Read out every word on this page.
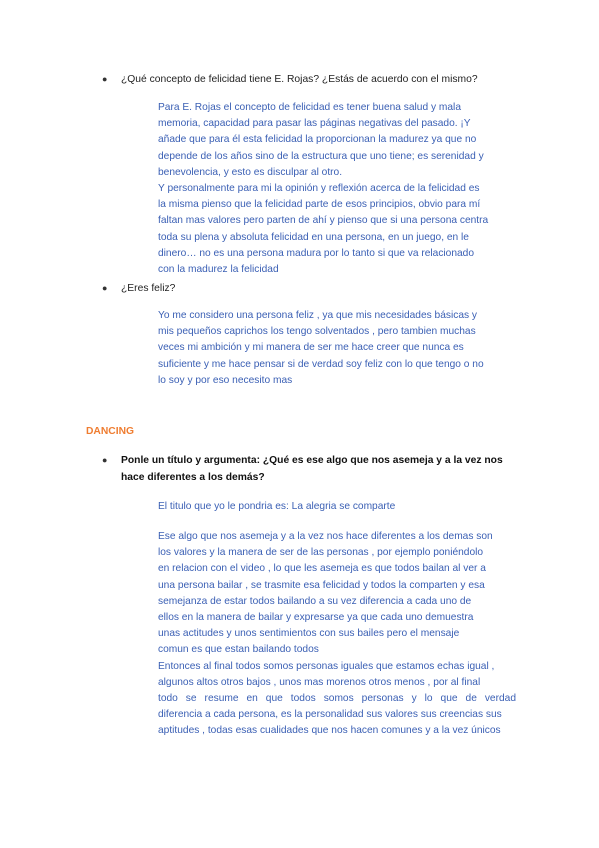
● ¿Qué concepto de felicidad tiene E. Rojas? ¿Estás de acuerdo con el mismo?
Para E. Rojas el concepto de felicidad es tener buena salud y mala
memoria, capacidad para pasar las páginas negativas del pasado. ¡Y
añade que para él esta felicidad la proporcionan la madurez ya que no
depende de los años sino de la estructura que uno tiene; es serenidad y
benevolencia, y esto es disculpar al otro.
Y personalmente para mi la opinión y reflexión acerca de la felicidad es
la misma pienso que la felicidad parte de esos principios, obvio para mí
faltan mas valores pero parten de ahí y pienso que si una persona centra
toda su plena y absoluta felicidad en una persona, en un juego, en le
dinero… no es una persona madura por lo tanto si que va relacionado
con la madurez la felicidad
● ¿Eres feliz?
Yo me considero una persona feliz , ya que mis necesidades básicas y
mis pequeños caprichos los tengo solventados , pero tambien muchas
veces mi ambición y mi manera de ser me hace creer que nunca es
suficiente y me hace pensar si de verdad soy feliz con lo que tengo o no
lo soy y por eso necesito mas
DANCING
● Ponle un título y argumenta: ¿Qué es ese algo que nos asemeja y a la vez nos
hace diferentes a los demás?
El titulo que yo le pondria es: La alegria se comparte
Ese algo que nos asemeja y a la vez nos hace diferentes a los demas son
los valores y la manera de ser de las personas , por ejemplo poniéndolo
en relacion con el video , lo que les asemeja es que todos bailan al ver a
una persona bailar , se trasmite esa felicidad y todos la comparten y esa
semejanza de estar todos bailando a su vez diferencia a cada uno de
ellos en la manera de bailar y expresarse ya que cada uno demuestra
unas actitudes y unos sentimientos con sus bailes pero el mensaje
comun es que estan bailando todos
Entonces al final todos somos personas iguales que estamos echas igual ,
algunos altos otros bajos , unos mas morenos otros menos , por al final
todo se resume en que todos somos personas y lo que de verdad
diferencia a cada persona, es la personalidad sus valores sus creencias sus
aptitudes , todas esas cualidades que nos hacen comunes y a la vez únicos
